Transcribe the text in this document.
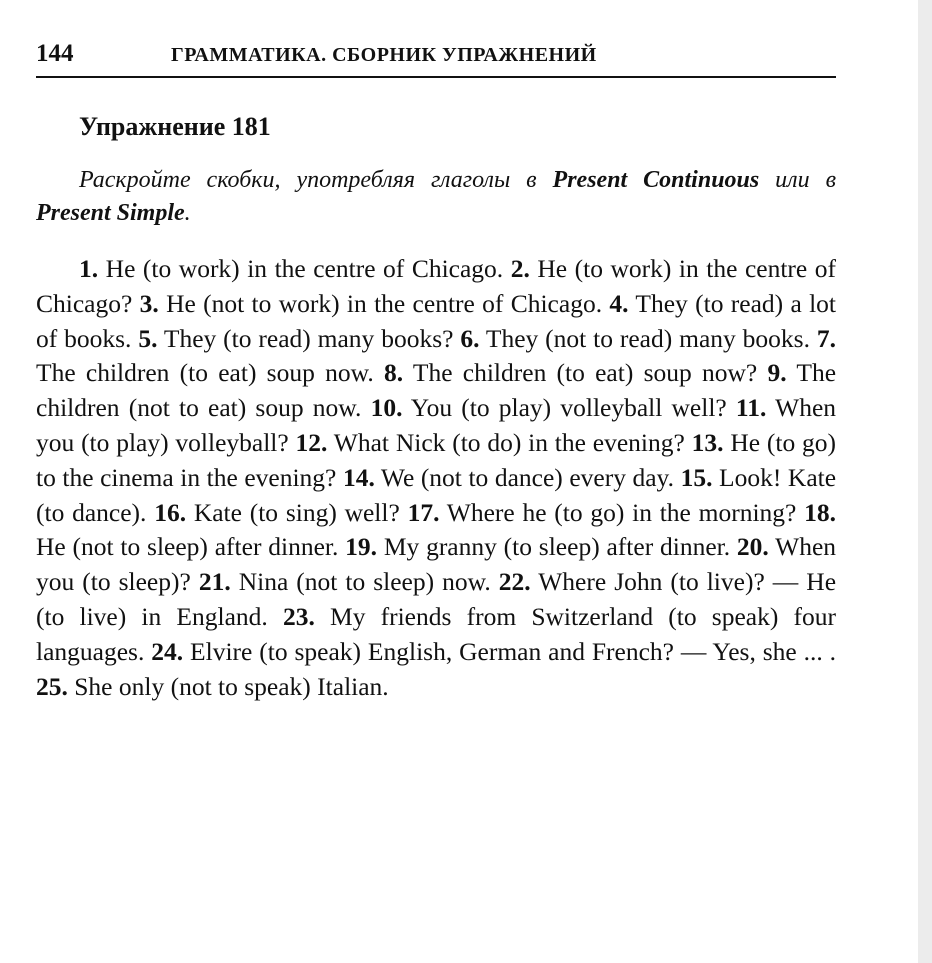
144	ГРАММАТИКА. СБОРНИК УПРАЖНЕНИЙ
Упражнение 181

Раскройте скобки, употребляя глаголы в Present Continuous или в Present Simple.

1. He (to work) in the centre of Chicago. 2. He (to work) in the centre of Chicago? 3. He (not to work) in the centre of Chicago. 4. They (to read) a lot of books. 5. They (to read) many books? 6. They (not to read) many books. 7. The children (to eat) soup now. 8. The children (to eat) soup now? 9. The children (not to eat) soup now. 10. You (to play) volleyball well? 11. When you (to play) volleyball? 12. What Nick (to do) in the evening? 13. He (to go) to the cinema in the evening? 14. We (not to dance) every day. 15. Look! Kate (to dance). 16. Kate (to sing) well? 17. Where he (to go) in the morning? 18. He (not to sleep) after dinner. 19. My granny (to sleep) after dinner. 20. When you (to sleep)? 21. Nina (not to sleep) now. 22. Where John (to live)? — He (to live) in England. 23. My friends from Switzerland (to speak) four languages. 24. Elvire (to speak) English, German and French? — Yes, she ... . 25. She only (not to speak) Italian.
